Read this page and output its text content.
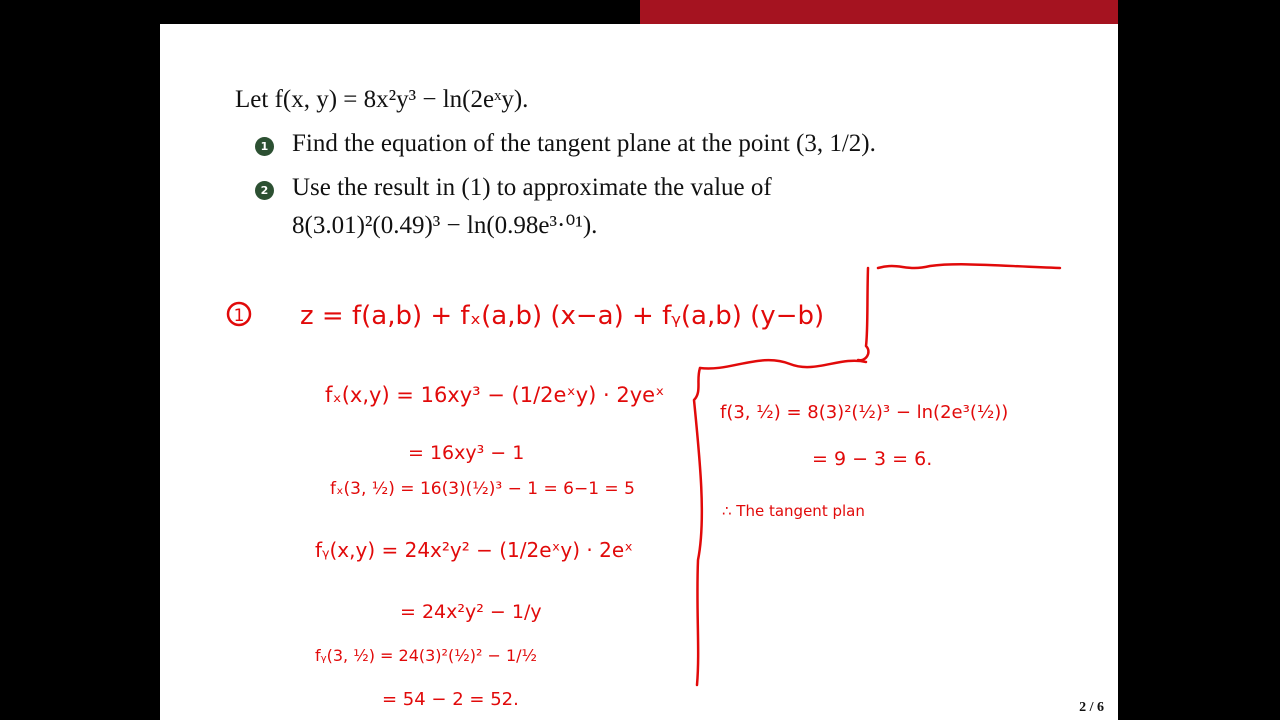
Let f(x, y) = 8x²y³ − ln(2eˣy).
1 Find the equation of the tangent plane at the point (3, 1/2).
2 Use the result in (1) to approximate the value of
8(3.01)²(0.49)³ − ln(0.98e³·⁰¹).
2 / 6
1 z = f(a,b) + fₓ(a,b) (x−a) + fᵧ(a,b) (y−b)
fₓ(x,y) = 16xy³ − (1/2eˣy) · 2yeˣ
= 16xy³ − 1
fₓ(3, ½) = 16(3)(½)³ − 1 = 6−1 = 5
fᵧ(x,y) = 24x²y² − (1/2eˣy) · 2eˣ
= 24x²y² − 1/y
fᵧ(3, ½) = 24(3)²(½)² − 1/½
= 54 − 2 = 52.
f(3, ½) = 8(3)²(½)³ − ln(2e³(½))
= 9 − 3 = 6.
∴ The tangent plan
